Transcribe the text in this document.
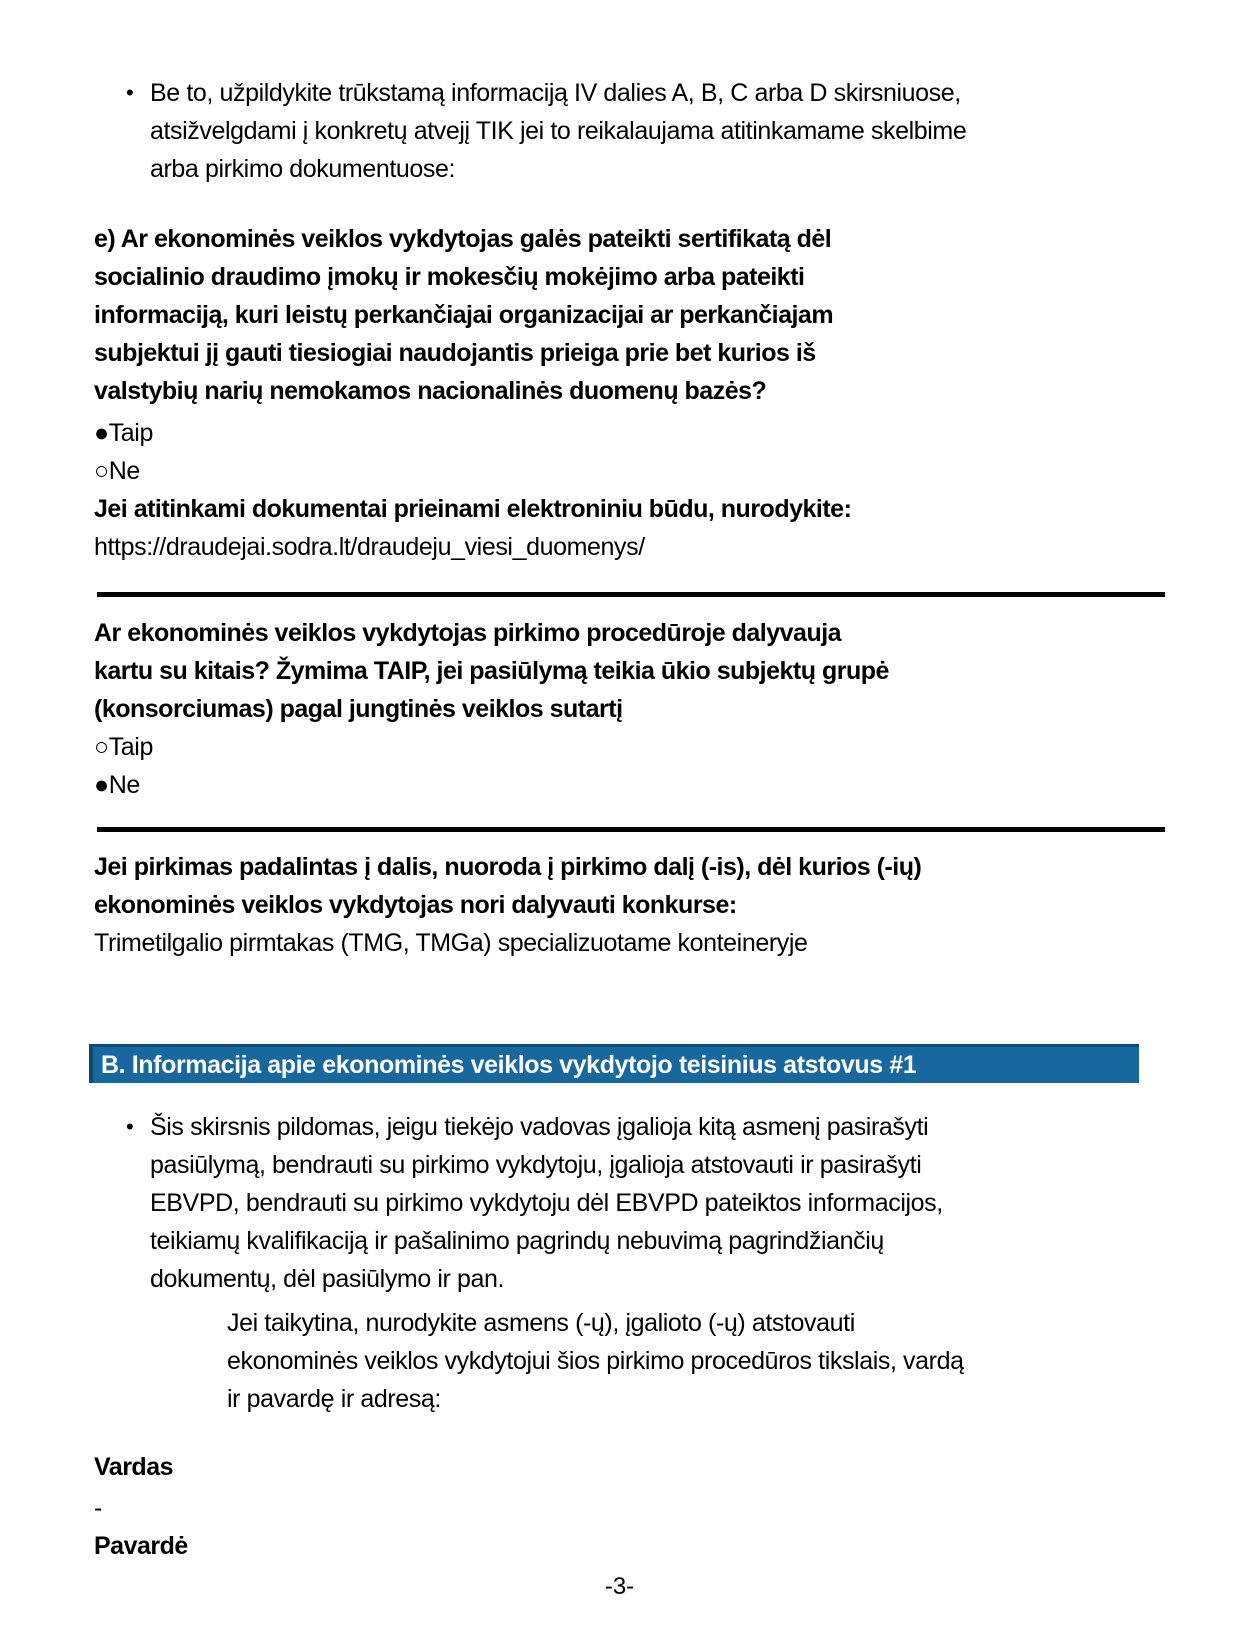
• Be to, užpildykite trūkstamą informaciją IV dalies A, B, C arba D skirsniuose,
atsižvelgdami į konkretų atvejį TIK jei to reikalaujama atitinkamame skelbime
arba pirkimo dokumentuose:
e) Ar ekonominės veiklos vykdytojas galės pateikti sertifikatą dėl
socialinio draudimo įmokų ir mokesčių mokėjimo arba pateikti
informaciją, kuri leistų perkančiajai organizacijai ar perkančiajam
subjektui jį gauti tiesiogiai naudojantis prieiga prie bet kurios iš
valstybių narių nemokamos nacionalinės duomenų bazės?
● Taip
○ Ne
Jei atitinkami dokumentai prieinami elektroniniu būdu, nurodykite:
https://draudejai.sodra.lt/draudeju_viesi_duomenys/
Ar ekonominės veiklos vykdytojas pirkimo procedūroje dalyvauja
kartu su kitais? Žymima TAIP, jei pasiūlymą teikia ūkio subjektų grupė
(konsorciumas) pagal jungtinės veiklos sutartį
○ Taip
● Ne
Jei pirkimas padalintas į dalis, nuoroda į pirkimo dalį (-is), dėl kurios (-ių)
ekonominės veiklos vykdytojas nori dalyvauti konkurse:
Trimetilgalio pirmtakas (TMG, TMGa) specializuotame konteineryje
B. Informacija apie ekonominės veiklos vykdytojo teisinius atstovus #1
• Šis skirsnis pildomas, jeigu tiekėjo vadovas įgalioja kitą asmenį pasirašyti
pasiūlymą, bendrauti su pirkimo vykdytoju, įgalioja atstovauti ir pasirašyti
EBVPD, bendrauti su pirkimo vykdytoju dėl EBVPD pateiktos informacijos,
teikiamų kvalifikaciją ir pašalinimo pagrindų nebuvimą pagrindžiančių
dokumentų, dėl pasiūlymo ir pan.
Jei taikytina, nurodykite asmens (-ų), įgalioto (-ų) atstovauti
ekonominės veiklos vykdytojui šios pirkimo procedūros tikslais, vardą
ir pavardę ir adresą:
Vardas
-
Pavardė
-3-
